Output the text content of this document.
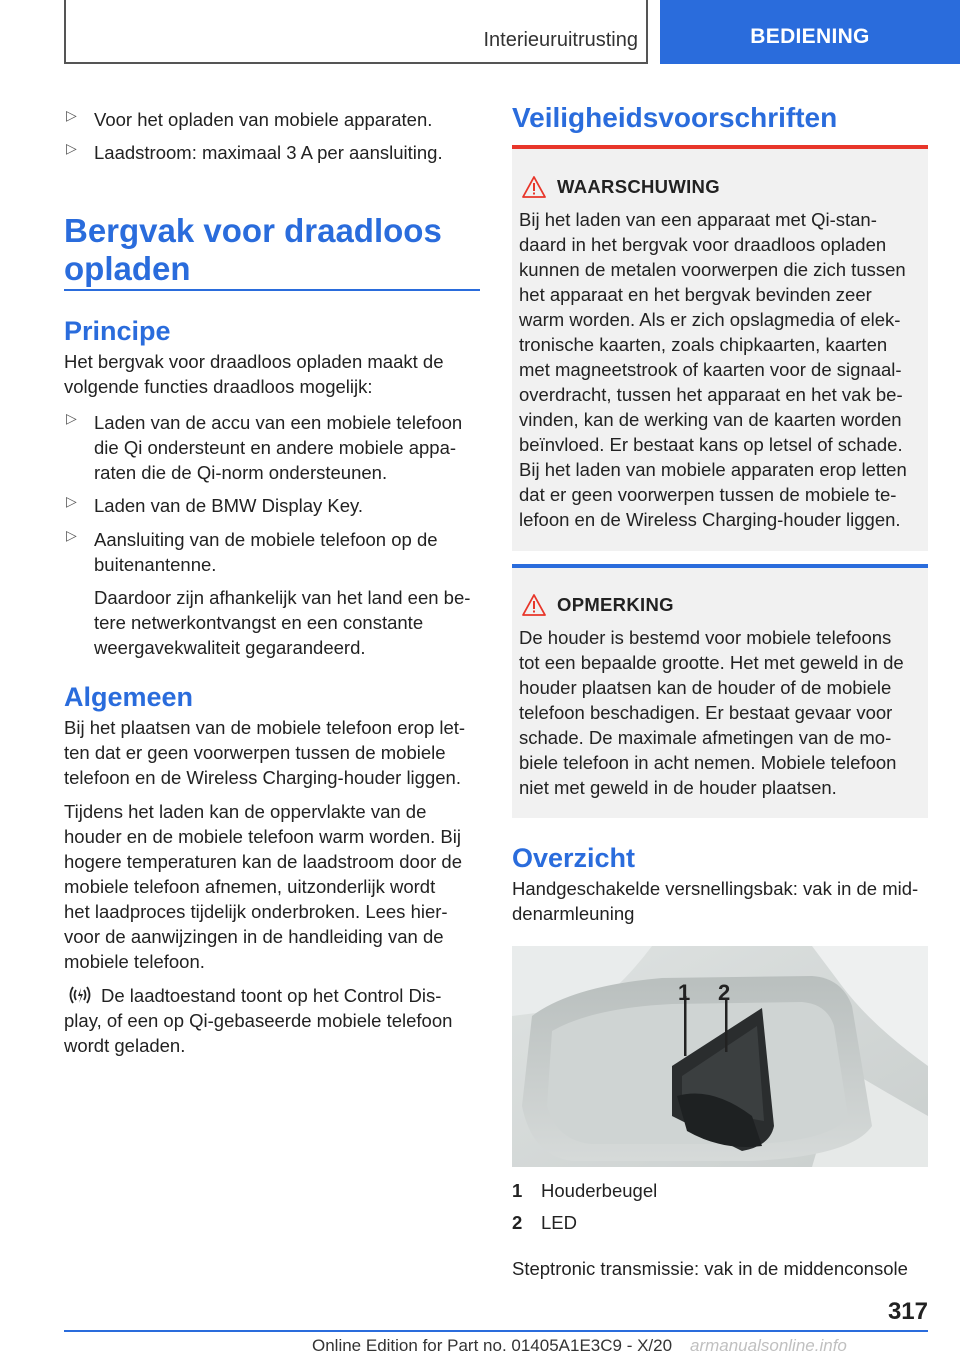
Interieuruitrusting	BEDIENING
▷ Voor het opladen van mobiele apparaten.

▷ Laadstroom: maximaal 3 A per aansluiting.

Bergvak voor draadloos

opladen

Principe

Het bergvak voor draadloos opladen maakt de

volgende functies draadloos mogelijk:

▷ Laden van de accu van een mobiele telefoon

die Qi ondersteunt en andere mobiele appa-

raten die de Qi-norm ondersteunen.

▷ Laden van de BMW Display Key.

▷ Aansluiting van de mobiele telefoon op de

buitenantenne.

Daardoor zijn afhankelijk van het land een be-

tere netwerkontvangst en een constante

weergavekwaliteit gegarandeerd.

Algemeen

Bij het plaatsen van de mobiele telefoon erop let-

ten dat er geen voorwerpen tussen de mobiele

telefoon en de Wireless Charging-houder liggen.

Tijdens het laden kan de oppervlakte van de

houder en de mobiele telefoon warm worden. Bij

hogere temperaturen kan de laadstroom door de

mobiele telefoon afnemen, uitzonderlijk wordt

het laadproces tijdelijk onderbroken. Lees hier-

voor de aanwijzingen in de handleiding van de

mobiele telefoon.

De laadtoestand toont op het Control Dis-

play, of een op Qi-gebaseerde mobiele telefoon

wordt geladen.

Veiligheidsvoorschriften

WAARSCHUWING

Bij het laden van een apparaat met Qi-stan-

daard in het bergvak voor draadloos opladen

kunnen de metalen voorwerpen die zich tussen

het apparaat en het bergvak bevinden zeer

warm worden. Als er zich opslagmedia of elek-

tronische kaarten, zoals chipkaarten, kaarten

met magneetstrook of kaarten voor de signaal-

overdracht, tussen het apparaat en het vak be-

vinden, kan de werking van de kaarten worden

beïnvloed. Er bestaat kans op letsel of schade.

Bij het laden van mobiele apparaten erop letten

dat er geen voorwerpen tussen de mobiele te-

lefoon en de Wireless Charging-houder liggen.

OPMERKING

De houder is bestemd voor mobiele telefoons

tot een bepaalde grootte. Het met geweld in de

houder plaatsen kan de houder of de mobiele

telefoon beschadigen. Er bestaat gevaar voor

schade. De maximale afmetingen van de mo-

biele telefoon in acht nemen. Mobiele telefoon

niet met geweld in de houder plaatsen.

Overzicht

Handgeschakelde versnellingsbak: vak in de mid-

denarmleuning

1 2
1 Houderbeugel
2 LED

Steptronic transmissie: vak in de middenconsole

317
Online Edition for Part no. 01405A1E3C9 - X/20 armanualsonline.info
